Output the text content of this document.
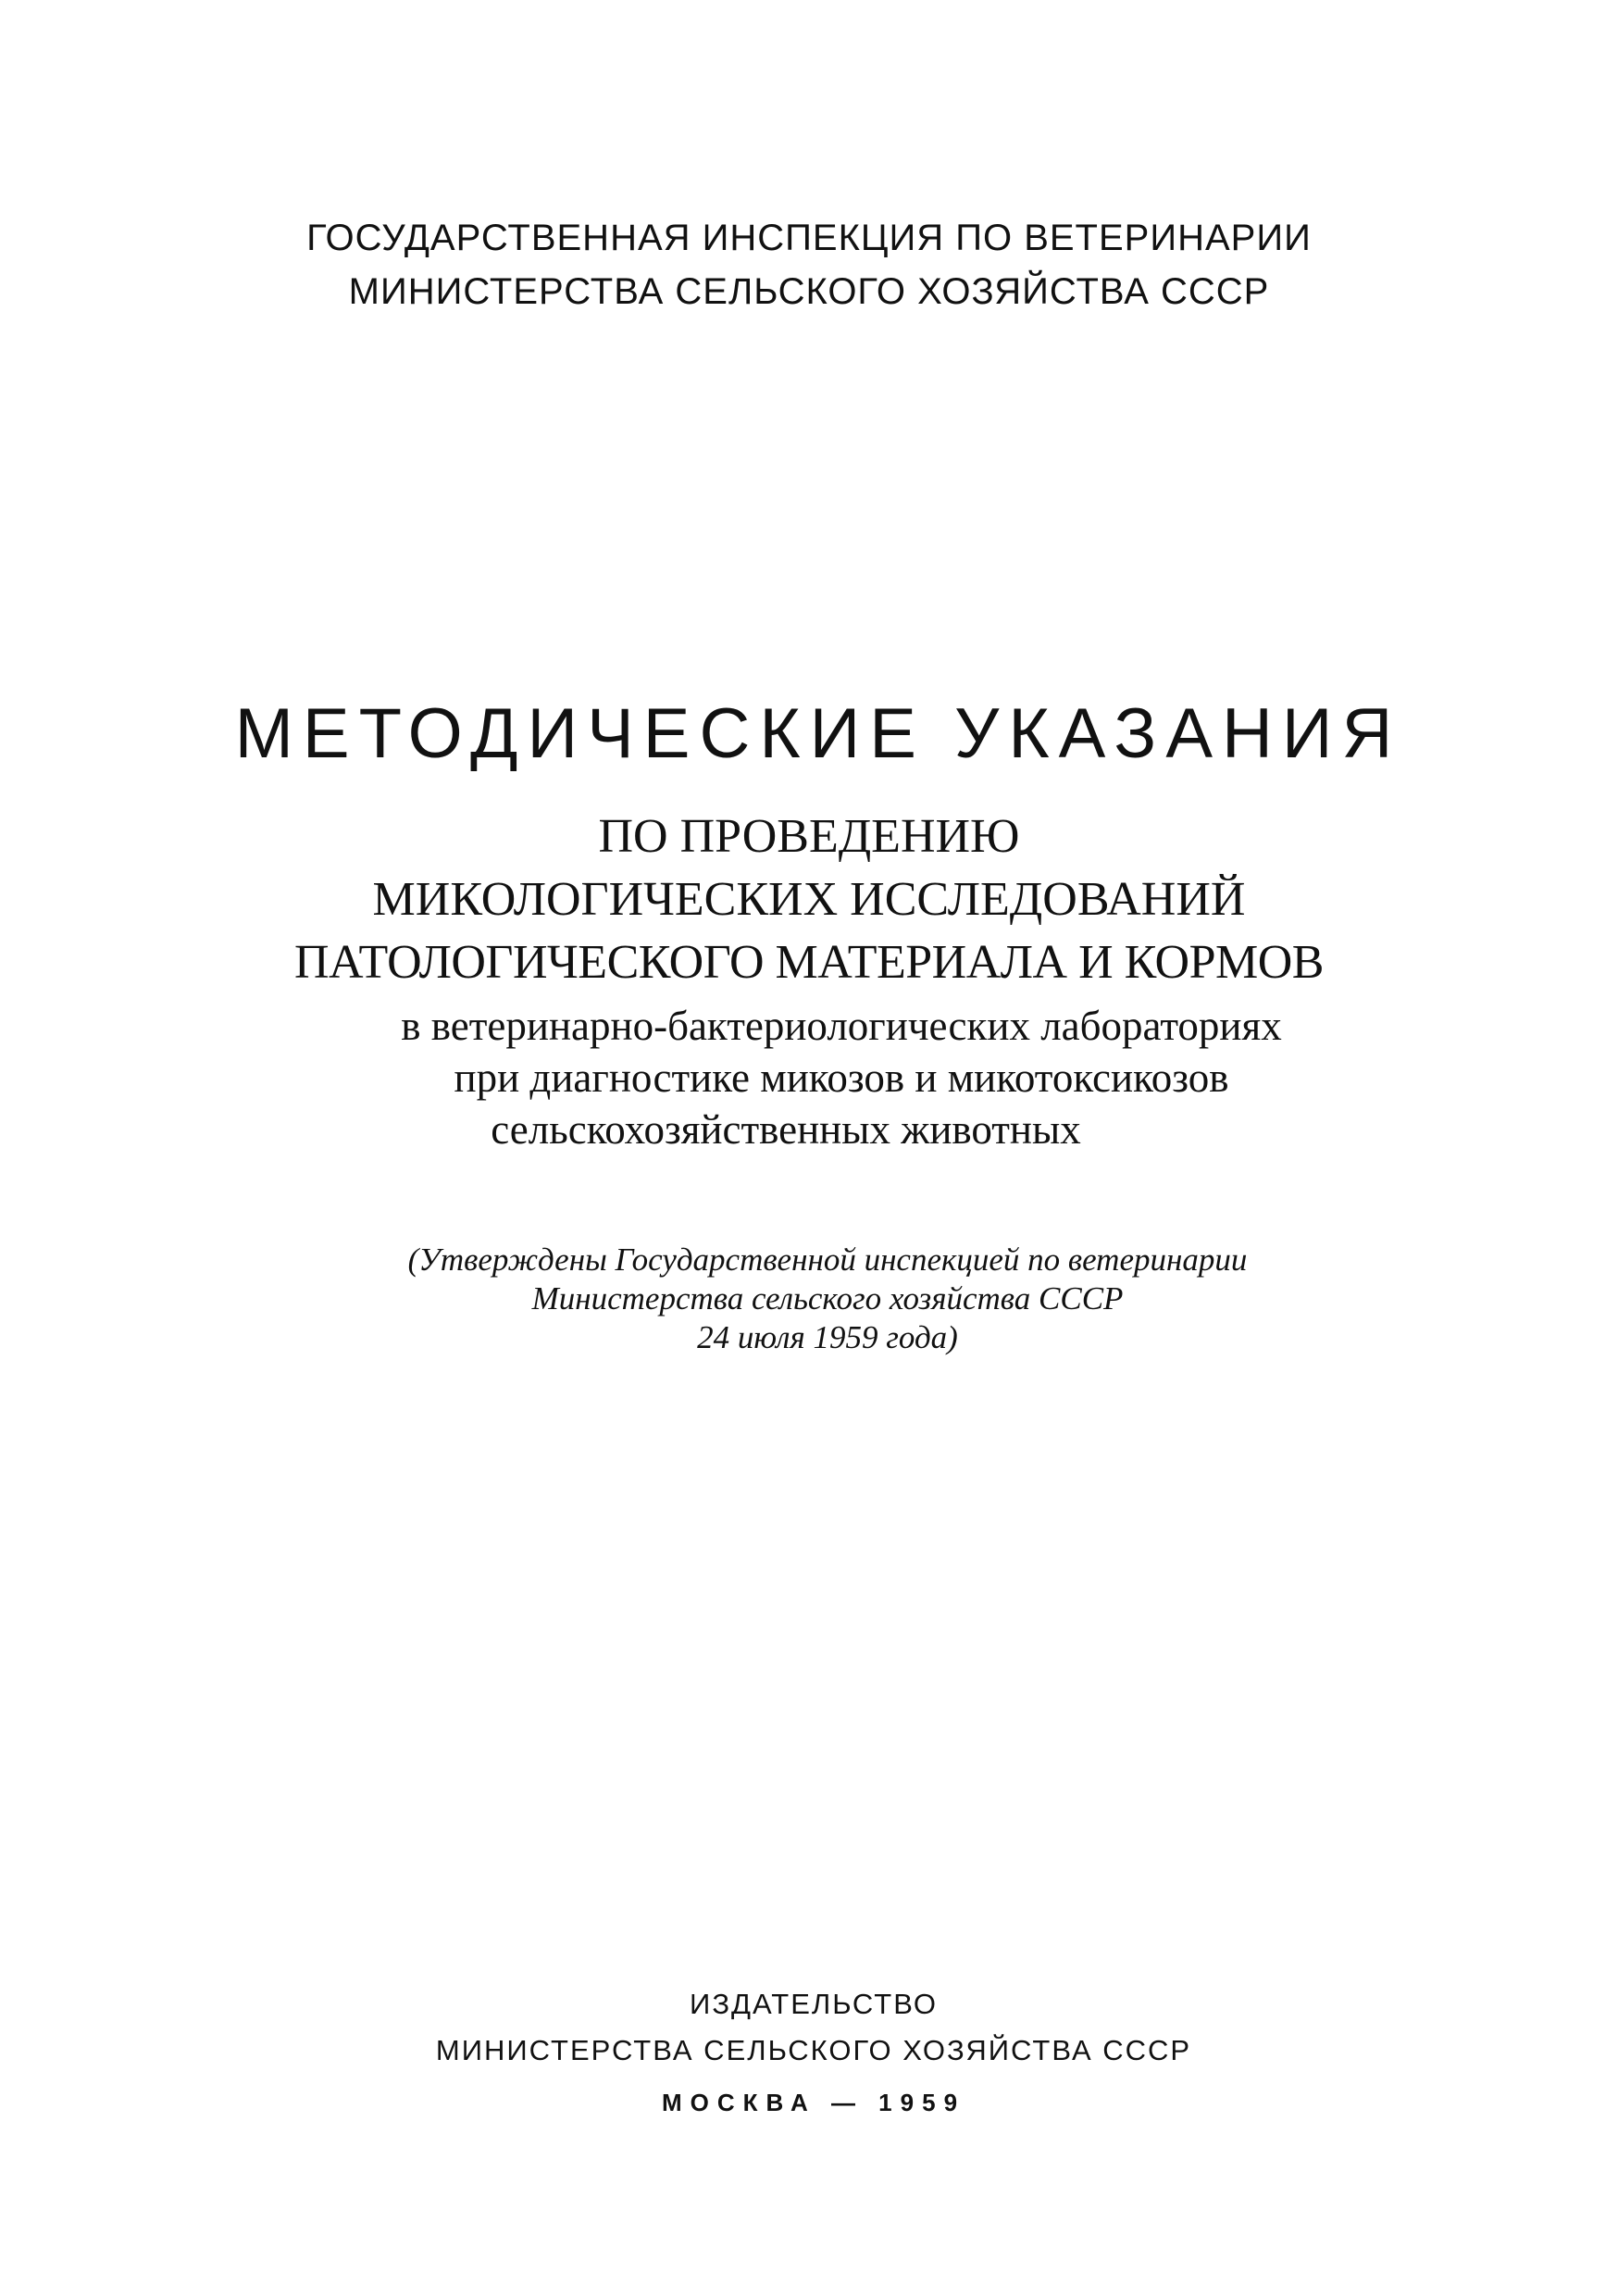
ГОСУДАРСТВЕННАЯ ИНСПЕКЦИЯ ПО ВЕТЕРИНАРИИ
МИНИСТЕРСТВА СЕЛЬСКОГО ХОЗЯЙСТВА СССР
МЕТОДИЧЕСКИЕ УКАЗАНИЯ
ПО ПРОВЕДЕНИЮ
МИКОЛОГИЧЕСКИХ ИССЛЕДОВАНИЙ
ПАТОЛОГИЧЕСКОГО МАТЕРИАЛА И КОРМОВ
в ветеринарно-бактериологических лабораториях
при диагностике микозов и микотоксикозов
сельскохозяйственных животных
(Утверждены Государственной инспекцией по ветеринарии
Министерства сельского хозяйства СССР
24 июля 1959 года)
ИЗДАТЕЛЬСТВО
МИНИСТЕРСТВА СЕЛЬСКОГО ХОЗЯЙСТВА СССР
МОСКВА — 1959
